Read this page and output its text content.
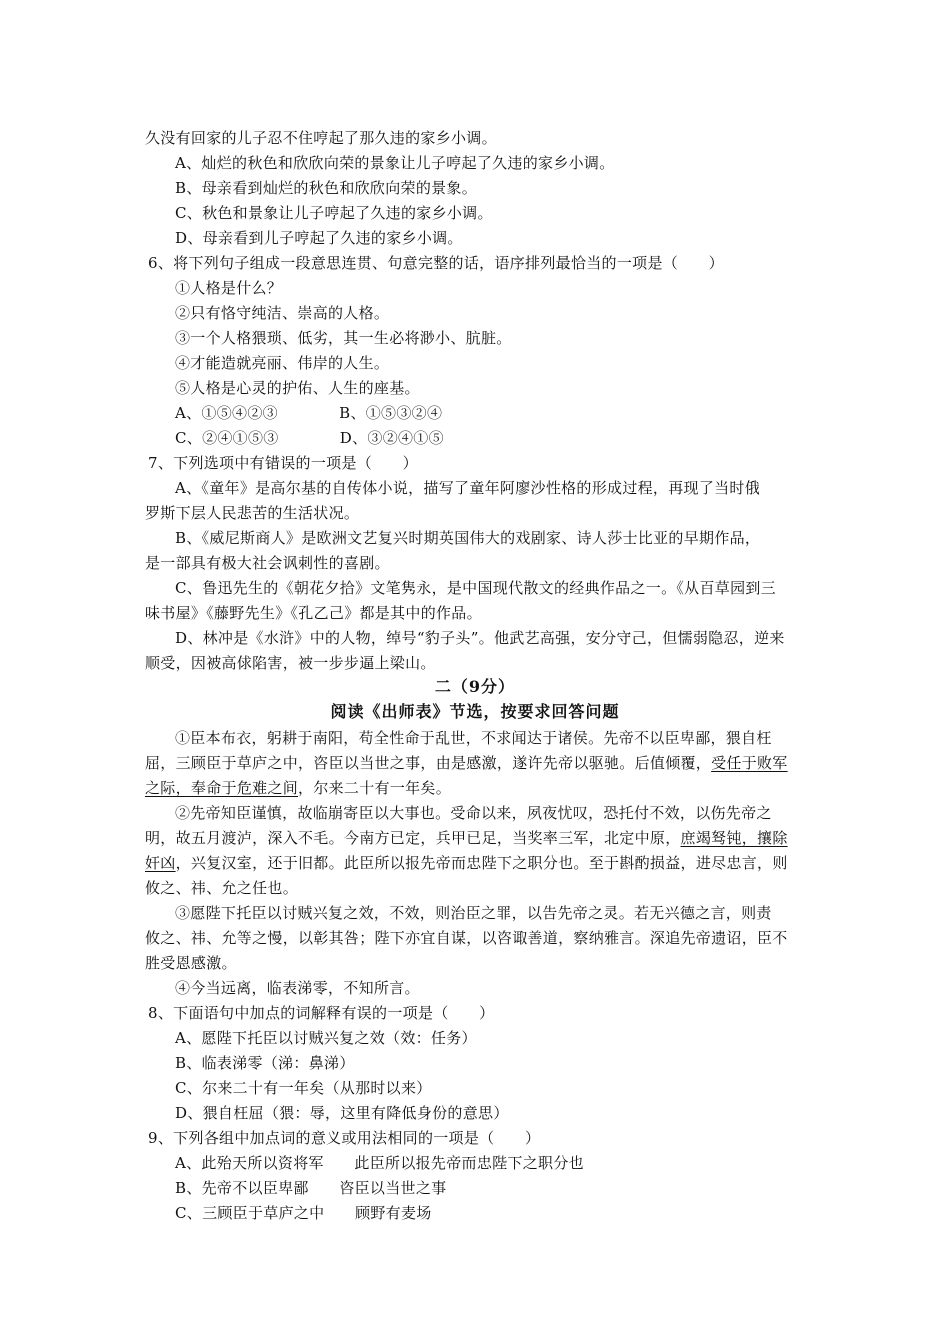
久没有回家的儿子忍不住哼起了那久违的家乡小调。
A、灿烂的秋色和欣欣向荣的景象让儿子哼起了久违的家乡小调。
B、母亲看到灿烂的秋色和欣欣向荣的景象。
C、秋色和景象让儿子哼起了久违的家乡小调。
D、母亲看到儿子哼起了久违的家乡小调。
6、将下列句子组成一段意思连贯、句意完整的话，语序排列最恰当的一项是（　　）
①人格是什么？
②只有恪守纯洁、崇高的人格。
③一个人格猥琐、低劣，其一生必将渺小、肮脏。
④才能造就亮丽、伟岸的人生。
⑤人格是心灵的护佑、人生的座基。
A、①⑤④②③　　　　B、①⑤③②④
C、②④①⑤③　　　　D、③②④①⑤
7、下列选项中有错误的一项是（　　）
A、《童年》是高尔基的自传体小说，描写了童年阿廖沙性格的形成过程，再现了当时俄
罗斯下层人民悲苦的生活状况。
B、《威尼斯商人》是欧洲文艺复兴时期英国伟大的戏剧家、诗人莎士比亚的早期作品，
是一部具有极大社会讽刺性的喜剧。
C、鲁迅先生的《朝花夕拾》文笔隽永，是中国现代散文的经典作品之一。《从百草园到三
味书屋》《藤野先生》《孔乙己》都是其中的作品。
D、林冲是《水浒》中的人物，绰号“豹子头”。他武艺高强，安分守己，但懦弱隐忍，逆来
顺受，因被高俅陷害，被一步步逼上梁山。
二（9分）
阅读《出师表》节选，按要求回答问题
①臣本布衣，躬耕于南阳，苟全性命于乱世，不求闻达于诸侯。先帝不以臣卑鄙，猥自枉
屈，三顾臣于草庐之中，咨臣以当世之事，由是感激，遂许先帝以驱驰。后值倾覆，受任于败军
之际，奉命于危难之间，尔来二十有一年矣。
②先帝知臣谨慎，故临崩寄臣以大事也。受命以来，夙夜忧叹，恐托付不效，以伤先帝之
明，故五月渡泸，深入不毛。今南方已定，兵甲已足，当奖率三军，北定中原，庶竭驽钝，攘除
奸凶，兴复汉室，还于旧都。此臣所以报先帝而忠陛下之职分也。至于斟酌损益，进尽忠言，则
攸之、祎、允之任也。
③愿陛下托臣以讨贼兴复之效，不效，则治臣之罪，以告先帝之灵。若无兴德之言，则责
攸之、祎、允等之慢，以彰其咎；陛下亦宜自谋，以咨诹善道，察纳雅言。深追先帝遗诏，臣不
胜受恩感激。
④今当远离，临表涕零，不知所言。
8、下面语句中加点的词解释有误的一项是（　　）
A、愿陛下托臣以讨贼兴复之效（效：任务）
B、临表涕零（涕：鼻涕）
C、尔来二十有一年矣（从那时以来）
D、猥自枉屈（猥：辱，这里有降低身份的意思）
9、下列各组中加点词的意义或用法相同的一项是（　　）
A、此殆天所以资将军　　此臣所以报先帝而忠陛下之职分也
B、先帝不以臣卑鄙　　咨臣以当世之事
C、三顾臣于草庐之中　　顾野有麦场
